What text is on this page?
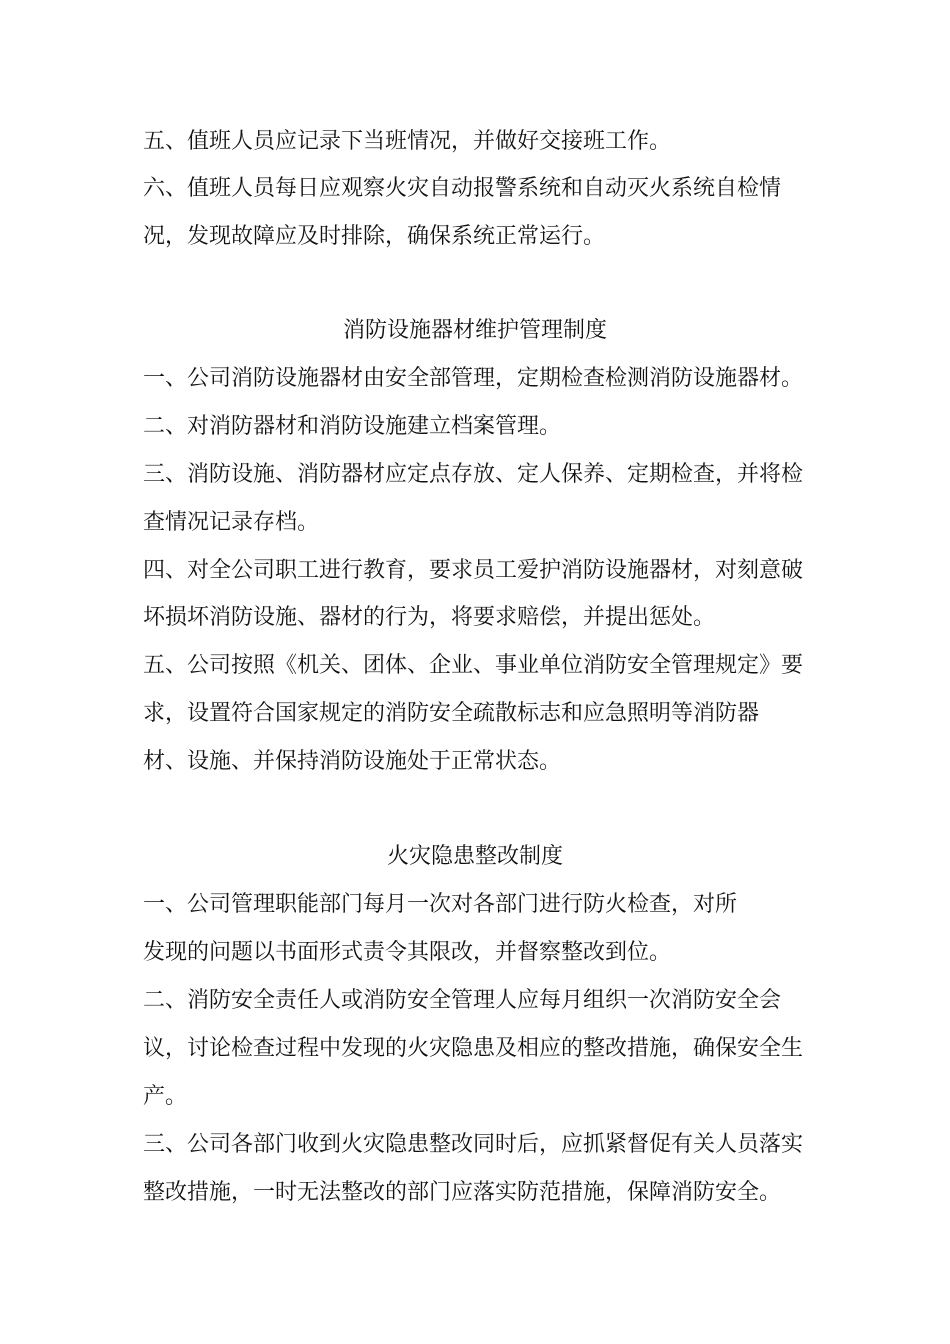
五、值班人员应记录下当班情况，并做好交接班工作。

六、值班人员每日应观察火灾自动报警系统和自动灭火系统自检情

况，发现故障应及时排除，确保系统正常运行。

消防设施器材维护管理制度

一、公司消防设施器材由安全部管理，定期检查检测消防设施器材。

二、对消防器材和消防设施建立档案管理。

三、消防设施、消防器材应定点存放、定人保养、定期检查，并将检

查情况记录存档。

四、对全公司职工进行教育，要求员工爱护消防设施器材，对刻意破

坏损坏消防设施、器材的行为，将要求赔偿，并提出惩处。

五、公司按照《机关、团体、企业、事业单位消防安全管理规定》要

求，设置符合国家规定的消防安全疏散标志和应急照明等消防器

材、设施、并保持消防设施处于正常状态。

火灾隐患整改制度

一、公司管理职能部门每月一次对各部门进行防火检查，对所

发现的问题以书面形式责令其限改，并督察整改到位。

二、消防安全责任人或消防安全管理人应每月组织一次消防安全会

议，讨论检查过程中发现的火灾隐患及相应的整改措施，确保安全生

产。

三、公司各部门收到火灾隐患整改同时后，应抓紧督促有关人员落实

整改措施，一时无法整改的部门应落实防范措施，保障消防安全。
